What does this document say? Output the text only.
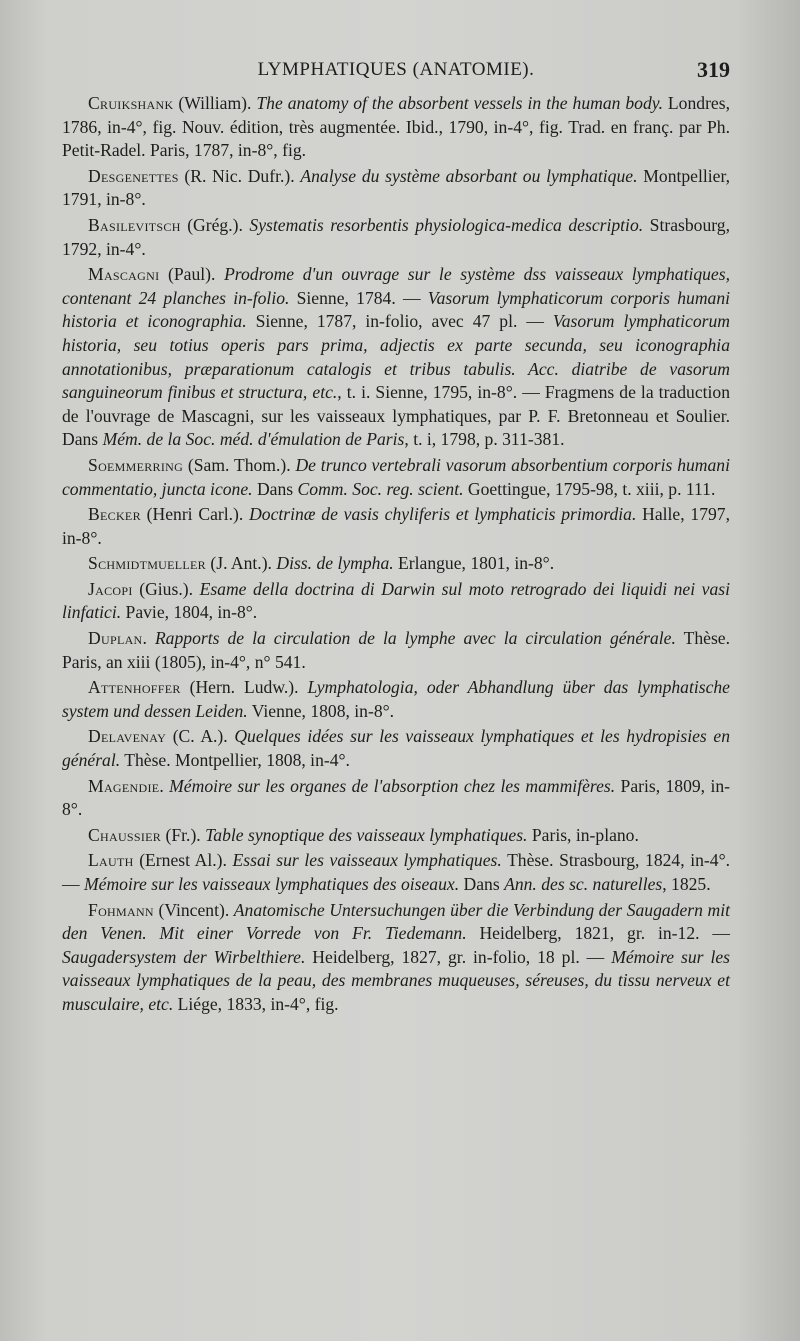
LYMPHATIQUES (ANATOMIE).	319

Cruikshank (William). The anatomy of the absorbent vessels in the human body. Londres, 1786, in-4°, fig. Nouv. édition, très augmentée. Ibid., 1790, in-4°, fig. Trad. en franç. par Ph. Petit-Radel. Paris, 1787, in-8°, fig.

Desgenettes (R. Nic. Dufr.). Analyse du système absorbant ou lymphatique. Montpellier, 1791, in-8°.

Basilevitsch (Grég.). Systematis resorbentis physiologica-medica descriptio. Strasbourg, 1792, in-4°.

Mascagni (Paul). Prodrome d'un ouvrage sur le système dss vaisseaux lymphatiques, contenant 24 planches in-folio. Sienne, 1784. — Vasorum lymphaticorum corporis humani historia et iconographia. Sienne, 1787, in-folio, avec 47 pl. — Vasorum lymphaticorum historia, seu totius operis pars prima, adjectis ex parte secunda, seu iconographia annotationibus, præparationum catalogis et tribus tabulis. Acc. diatribe de vasorum sanguineorum finibus et structura, etc., t. i. Sienne, 1795, in-8°. — Fragmens de la traduction de l'ouvrage de Mascagni, sur les vaisseaux lymphatiques, par P. F. Bretonneau et Soulier. Dans Mém. de la Soc. méd. d'émulation de Paris, t. i, 1798, p. 311-381.

Soemmerring (Sam. Thom.). De trunco vertebrali vasorum absorbentium corporis humani commentatio, juncta icone. Dans Comm. Soc. reg. scient. Goettingue, 1795-98, t. xiii, p. 111.

Becker (Henri Carl.). Doctrinæ de vasis chyliferis et lymphaticis primordia. Halle, 1797, in-8°.

Schmidtmueller (J. Ant.). Diss. de lympha. Erlangue, 1801, in-8°.

Jacopi (Gius.). Esame della doctrina di Darwin sul moto retrogrado dei liquidi nei vasi linfatici. Pavie, 1804, in-8°.

Duplan. Rapports de la circulation de la lymphe avec la circulation générale. Thèse. Paris, an xiii (1805), in-4°, n° 541.

Attenhoffer (Hern. Ludw.). Lymphatologia, oder Abhandlung über das lymphatische system und dessen Leiden. Vienne, 1808, in-8°.

Delavenay (C. A.). Quelques idées sur les vaisseaux lymphatiques et les hydropisies en général. Thèse. Montpellier, 1808, in-4°.

Magendie. Mémoire sur les organes de l'absorption chez les mammifères. Paris, 1809, in-8°.

Chaussier (Fr.). Table synoptique des vaisseaux lymphatiques. Paris, in-plano.

Lauth (Ernest Al.). Essai sur les vaisseaux lymphatiques. Thèse. Strasbourg, 1824, in-4°. — Mémoire sur les vaisseaux lymphatiques des oiseaux. Dans Ann. des sc. naturelles, 1825.

Fohmann (Vincent). Anatomische Untersuchungen über die Verbindung der Saugadern mit den Venen. Mit einer Vorrede von Fr. Tiedemann. Heidelberg, 1821, gr. in-12. — Saugadersystem der Wirbelthiere. Heidelberg, 1827, gr. in-folio, 18 pl. — Mémoire sur les vaisseaux lymphatiques de la peau, des membranes muqueuses, séreuses, du tissu nerveux et musculaire, etc. Liége, 1833, in-4°, fig.
